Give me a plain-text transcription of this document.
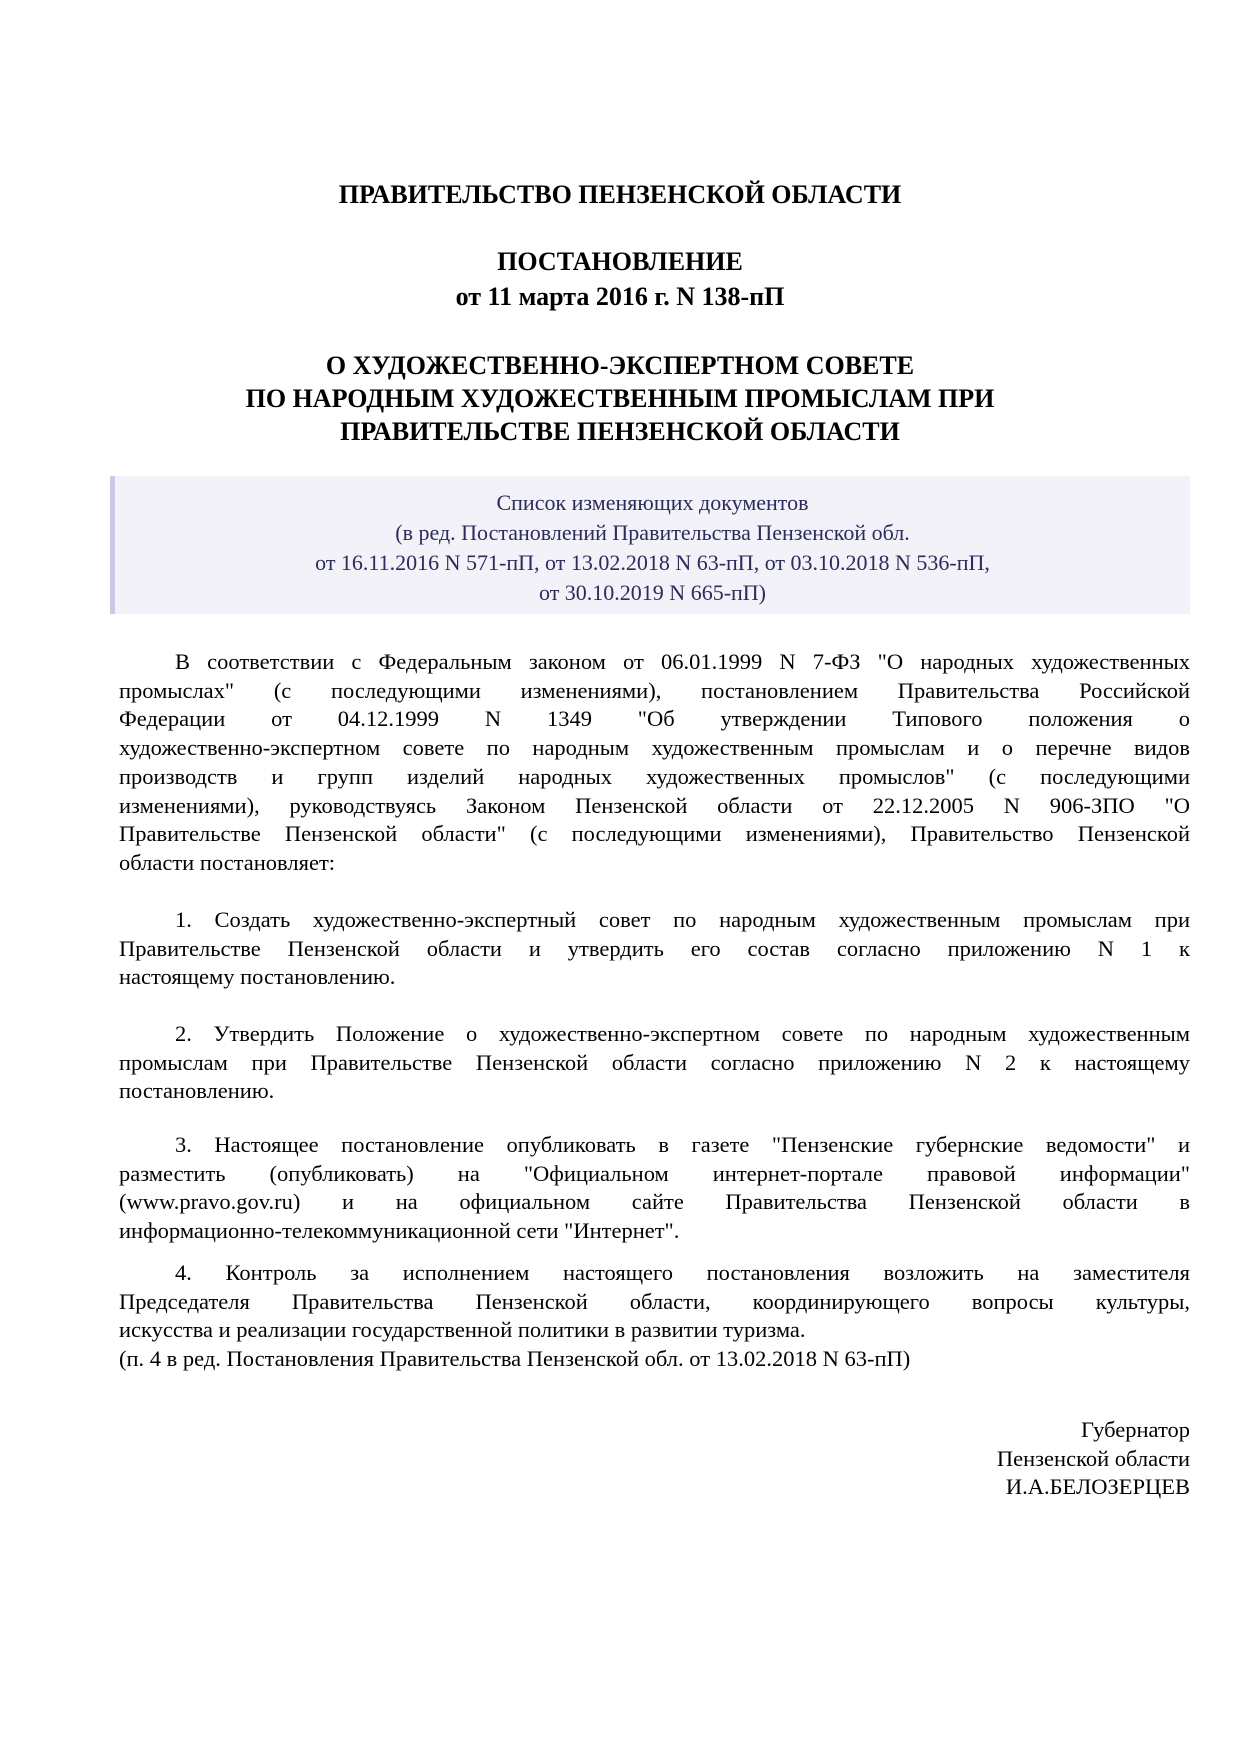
ПРАВИТЕЛЬСТВО ПЕНЗЕНСКОЙ ОБЛАСТИ
ПОСТАНОВЛЕНИЕ
от 11 марта 2016 г. N 138-пП
О ХУДОЖЕСТВЕННО-ЭКСПЕРТНОМ СОВЕТЕ
ПО НАРОДНЫМ ХУДОЖЕСТВЕННЫМ ПРОМЫСЛАМ ПРИ
ПРАВИТЕЛЬСТВЕ ПЕНЗЕНСКОЙ ОБЛАСТИ
Список изменяющих документов
(в ред. Постановлений Правительства Пензенской обл.
от 16.11.2016 N 571-пП, от 13.02.2018 N 63-пП, от 03.10.2018 N 536-пП,
от 30.10.2019 N 665-пП)
В соответствии с Федеральным законом от 06.01.1999 N 7-ФЗ "О народных художественных
промыслах" (с последующими изменениями), постановлением Правительства Российской
Федерации от 04.12.1999 N 1349 "Об утверждении Типового положения о
художественно-экспертном совете по народным художественным промыслам и о перечне видов
производств и групп изделий народных художественных промыслов" (с последующими
изменениями), руководствуясь Законом Пензенской области от 22.12.2005 N 906-ЗПО "О
Правительстве Пензенской области" (с последующими изменениями), Правительство Пензенской
области постановляет:
1. Создать художественно-экспертный совет по народным художественным промыслам при
Правительстве Пензенской области и утвердить его состав согласно приложению N 1 к
настоящему постановлению.
2. Утвердить Положение о художественно-экспертном совете по народным художественным
промыслам при Правительстве Пензенской области согласно приложению N 2 к настоящему
постановлению.
3. Настоящее постановление опубликовать в газете "Пензенские губернские ведомости" и
разместить (опубликовать) на "Официальном интернет-портале правовой информации"
(www.pravo.gov.ru) и на официальном сайте Правительства Пензенской области в
информационно-телекоммуникационной сети "Интернет".
4. Контроль за исполнением настоящего постановления возложить на заместителя
Председателя Правительства Пензенской области, координирующего вопросы культуры,
искусства и реализации государственной политики в развитии туризма.
(п. 4 в ред. Постановления Правительства Пензенской обл. от 13.02.2018 N 63-пП)
Губернатор
Пензенской области
И.А.БЕЛОЗЕРЦЕВ
